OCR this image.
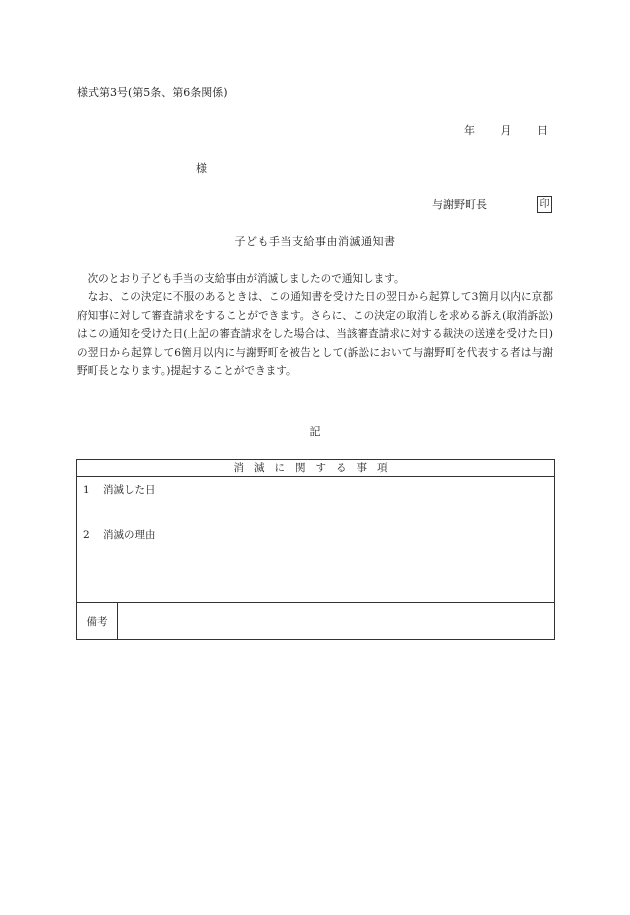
様式第3号(第5条、第6条関係)
年 月 日
様
与謝野町長	印
子ども手当支給事由消滅通知書

次のとおり子ども手当の支給事由が消滅しましたので通知します。

なお、この決定に不服のあるときは、この通知書を受けた日の翌日から起算して3箇月以内に京都府知事に対して審査請求をすることができます。さらに、この決定の取消しを求める訴え(取消訴訟)はこの通知を受けた日(上記の審査請求をした場合は、当該審査請求に対する裁決の送達を受けた日)の翌日から起算して6箇月以内に与謝野町を被告として(訴訟において与謝野町を代表する者は与謝野町長となります。)提起することができます。

記
消滅に関する事項
1 消滅した日
2 消滅の理由
備考
